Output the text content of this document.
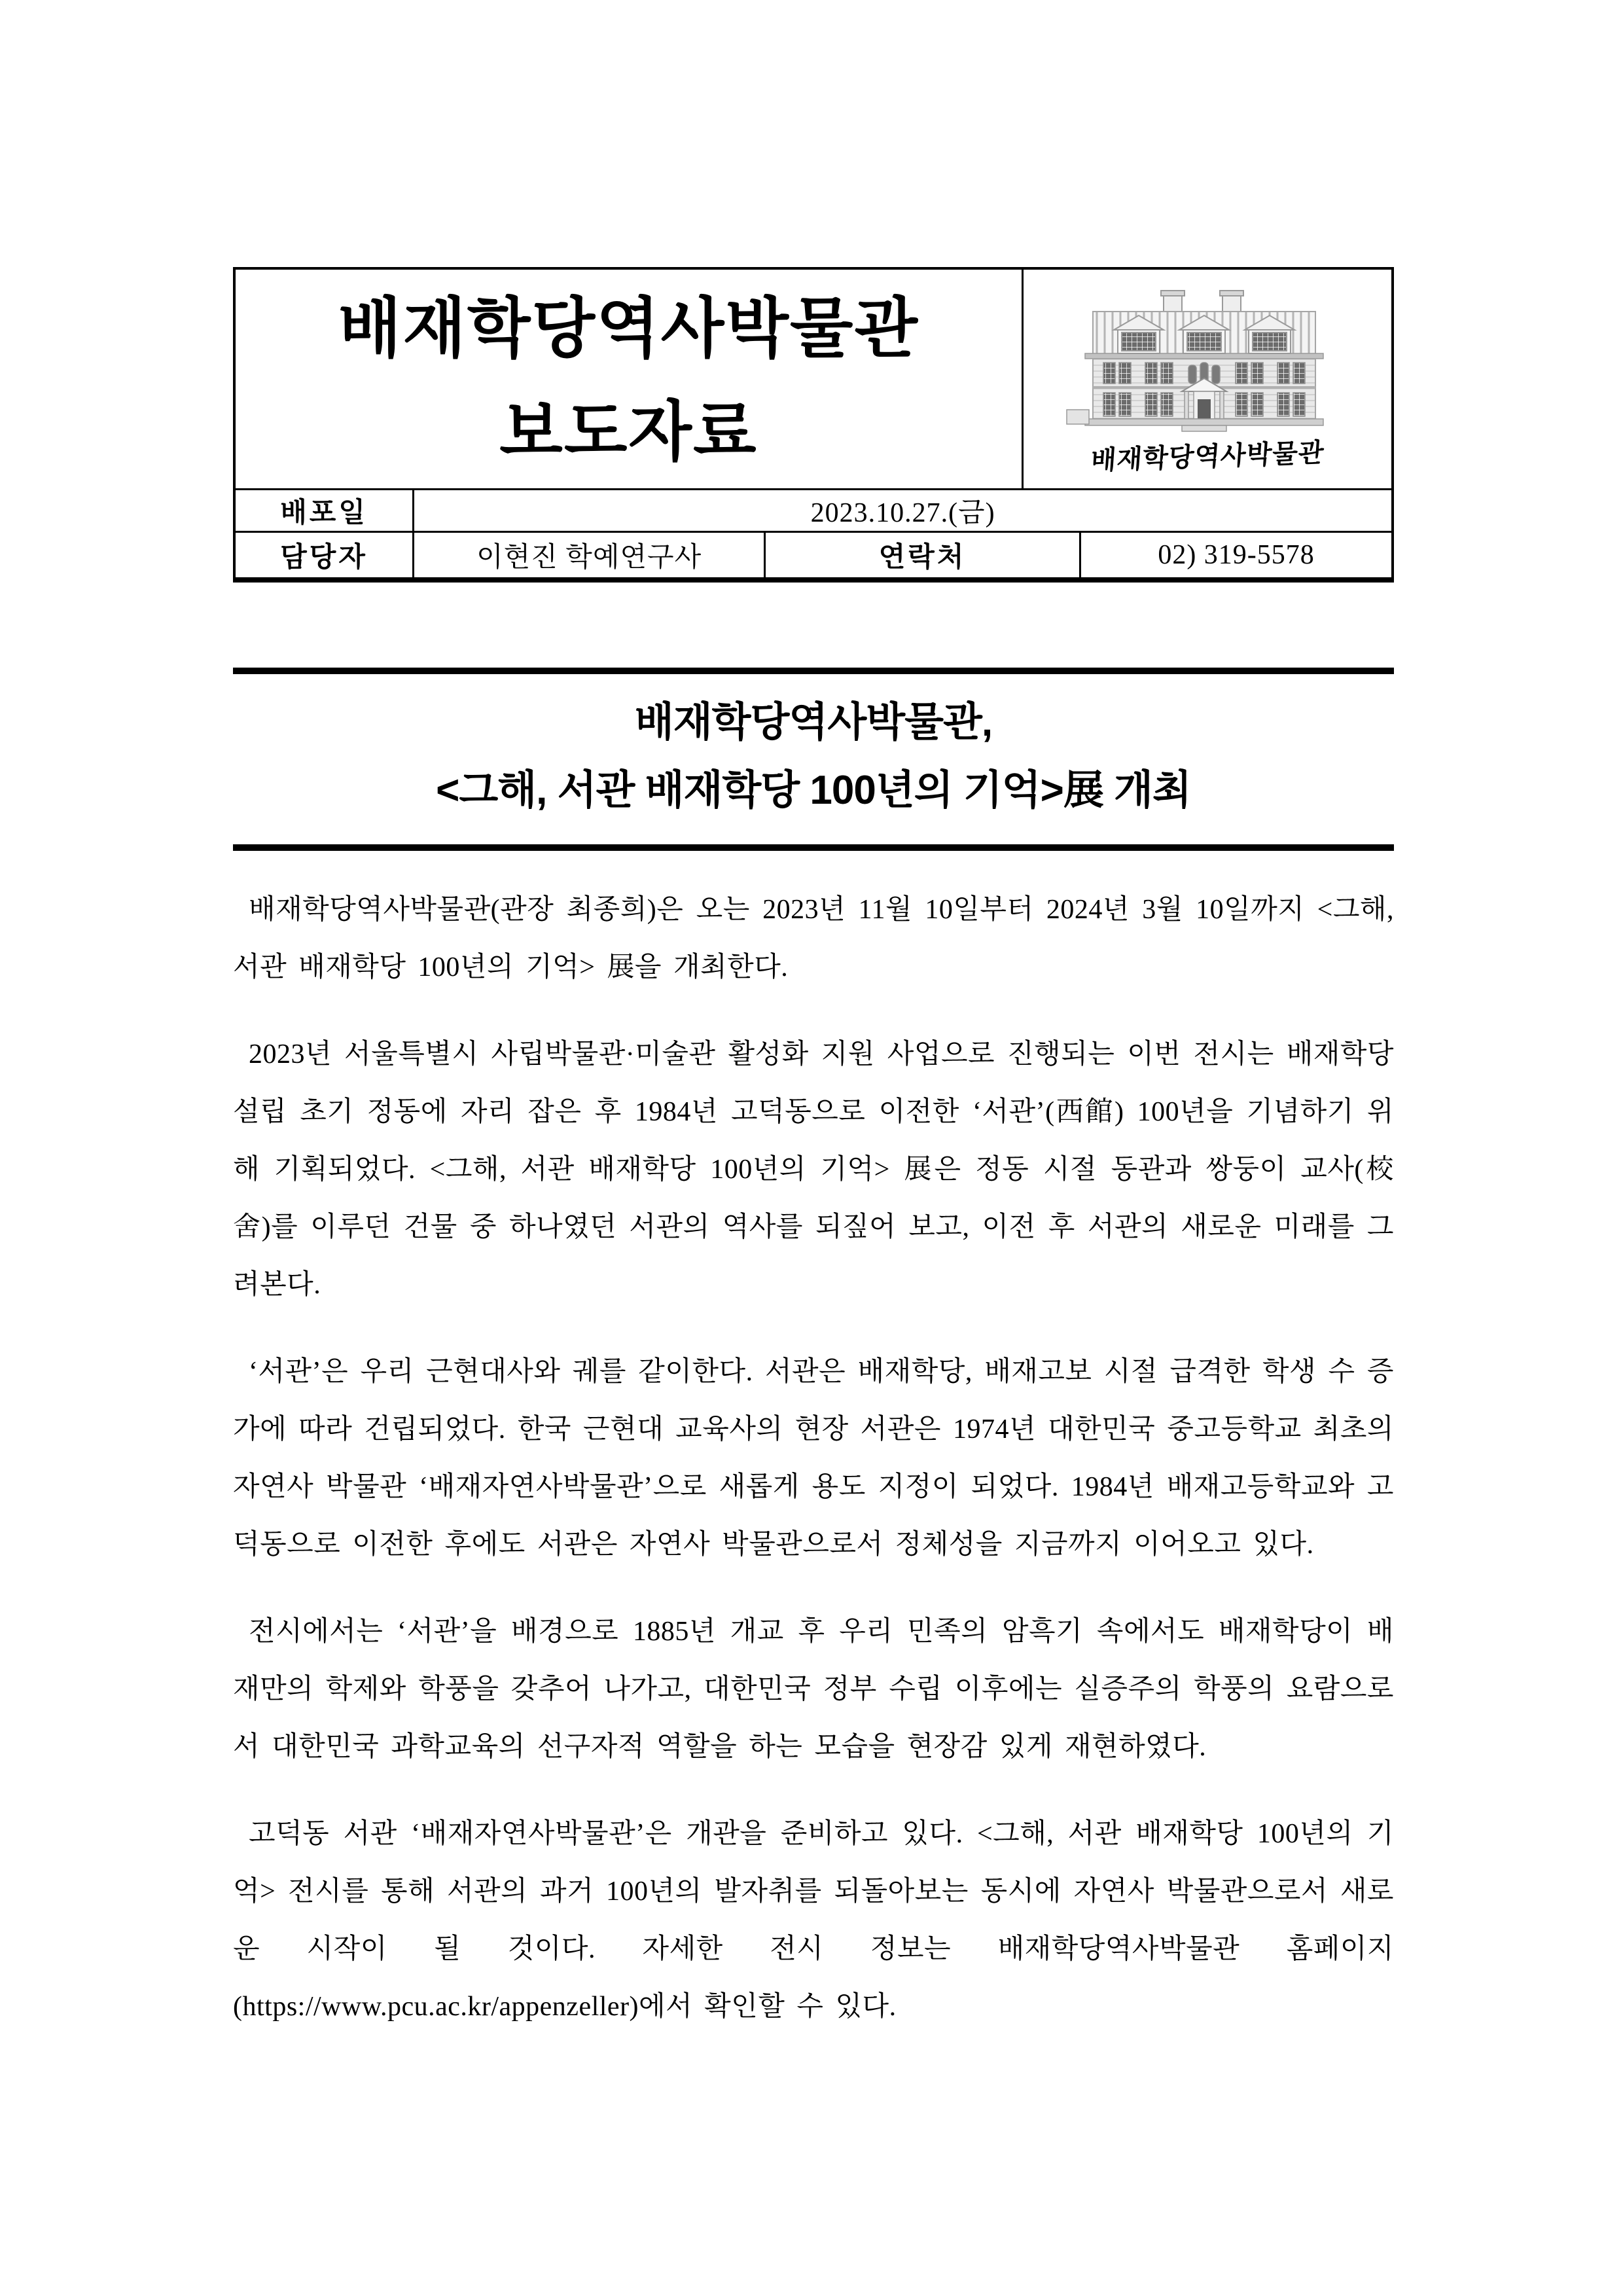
배재학당역사박물관
보도자료	배재학당역사박물관
배포일	2023.10.27.(금)
담당자	이현진 학예연구사	연락처	02) 319-5578
배재학당역사박물관,
<그해, 서관 배재학당 100년의 기억>展 개최

배재학당역사박물관(관장 최종희)은 오는 2023년 11월 10일부터 2024년 3월 10일까지 <그해, 서관 배재학당 100년의 기억> 展을 개최한다.

2023년 서울특별시 사립박물관·미술관 활성화 지원 사업으로 진행되는 이번 전시는 배재학당 설립 초기 정동에 자리 잡은 후 1984년 고덕동으로 이전한 ‘서관’(西館) 100년을 기념하기 위해 기획되었다. <그해, 서관 배재학당 100년의 기억> 展은 정동 시절 동관과 쌍둥이 교사(校舍)를 이루던 건물 중 하나였던 서관의 역사를 되짚어 보고, 이전 후 서관의 새로운 미래를 그려본다.

‘서관’은 우리 근현대사와 궤를 같이한다. 서관은 배재학당, 배재고보 시절 급격한 학생 수 증가에 따라 건립되었다. 한국 근현대 교육사의 현장 서관은 1974년 대한민국 중고등학교 최초의 자연사 박물관 ‘배재자연사박물관’으로 새롭게 용도 지정이 되었다. 1984년 배재고등학교와 고덕동으로 이전한 후에도 서관은 자연사 박물관으로서 정체성을 지금까지 이어오고 있다.

전시에서는 ‘서관’을 배경으로 1885년 개교 후 우리 민족의 암흑기 속에서도 배재학당이 배재만의 학제와 학풍을 갖추어 나가고, 대한민국 정부 수립 이후에는 실증주의 학풍의 요람으로서 대한민국 과학교육의 선구자적 역할을 하는 모습을 현장감 있게 재현하였다.

고덕동 서관 ‘배재자연사박물관’은 개관을 준비하고 있다. <그해, 서관 배재학당 100년의 기억> 전시를 통해 서관의 과거 100년의 발자취를 되돌아보는 동시에 자연사 박물관으로서 새로운 시작이 될 것이다. 자세한 전시 정보는 배재학당역사박물관 홈페이지(https://www.pcu.ac.kr/appenzeller)에서 확인할 수 있다.
